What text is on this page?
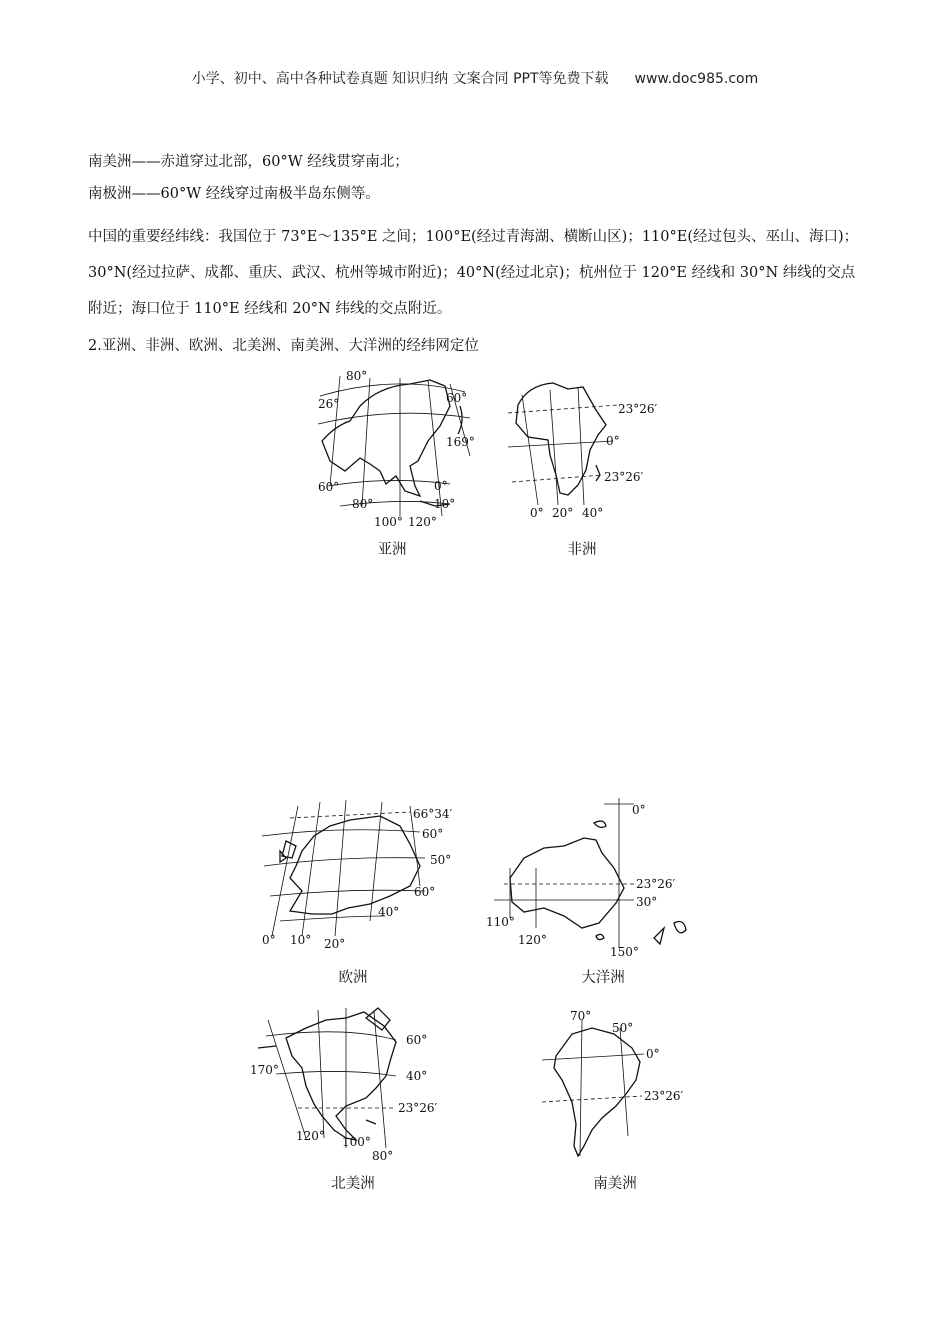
小学、初中、高中各种试卷真题 知识归纳 文案合同 PPT等免费下载 www.doc985.com

南美洲——赤道穿过北部，60°W 经线贯穿南北；

南极洲——60°W 经线穿过南极半岛东侧等。

中国的重要经纬线：我国位于 73°E～135°E 之间；100°E(经过青海湖、横断山区)；110°E(经过包头、巫山、海口)；30°N(经过拉萨、成都、重庆、武汉、杭州等城市附近)；40°N(经过北京)；杭州位于 120°E 经线和 30°N 纬线的交点附近；海口位于 110°E 经线和 20°N 纬线的交点附近。

2.亚洲、非洲、欧洲、北美洲、南美洲、大洋洲的经纬网定位

80°
26°	60°
169°
60°	0°
80°	10°
100° 120°
亚洲
23°26′
0°
23°26′
0° 20° 40°
非洲
66°34′
60°
50°
60°
40°
0° 10° 20°
欧洲
0°
23°26′
30°
110°
120°
150°
大洋洲
60°
170°	40°
23°26′
120° 100°
80°
北美洲
70°
50°
0°
23°26′
南美洲
